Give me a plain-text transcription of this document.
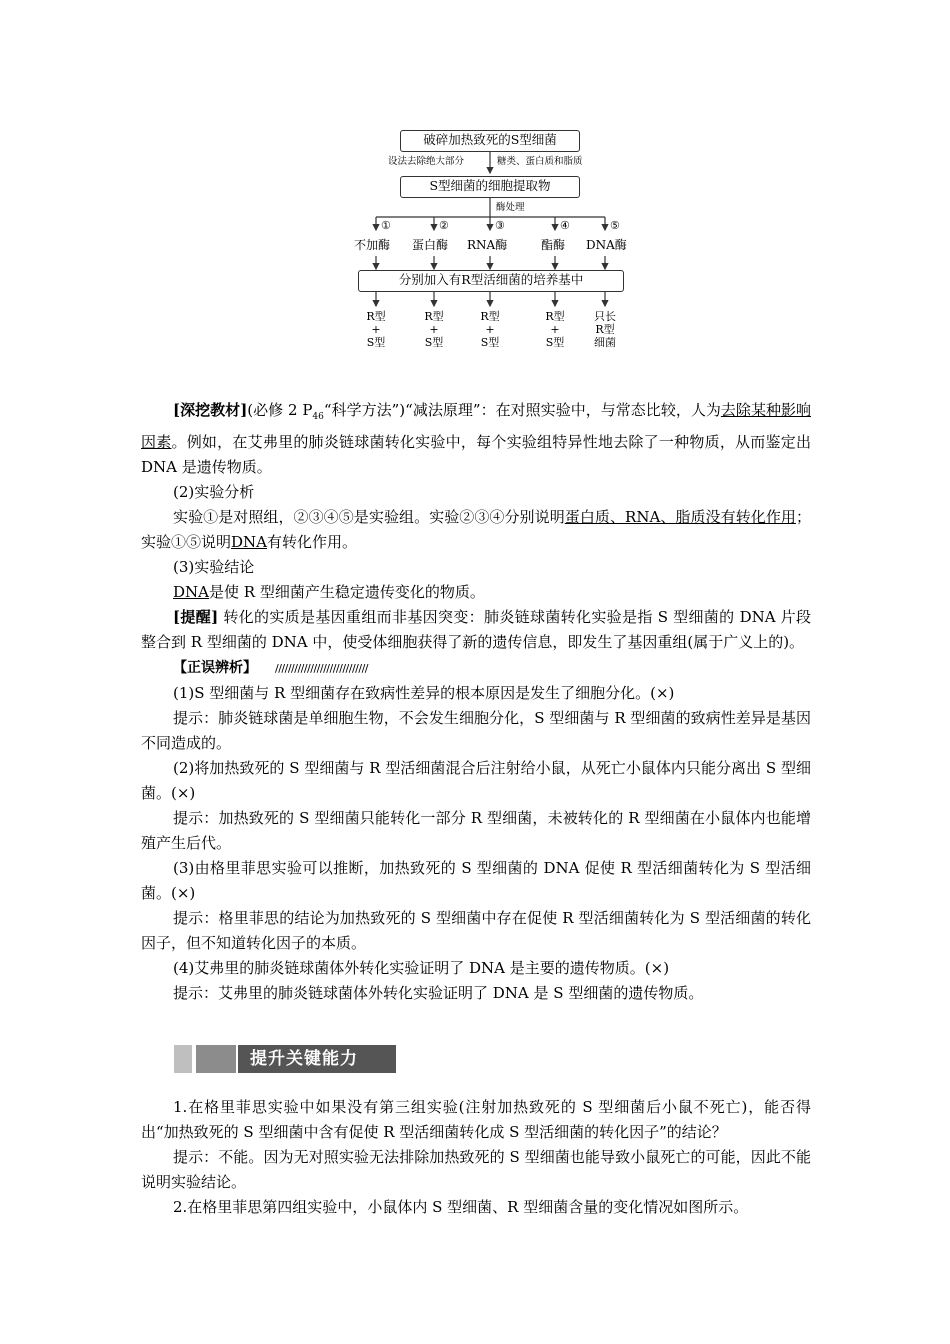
破碎加热致死的S型细菌
设法去除绝大部分	糖类、蛋白质和脂质
S型细菌的细胞提取物
酶处理
①	②	③	④	⑤
不加酶 蛋白酶 RNA酶	酯酶 DNA酶
分别加入有R型活细菌的培养基中
R型
+
S型
R型
+
S型
R型
+
S型
R型
+
S型
只长
R型
细菌

[深挖教材](必修 2 $P_{46}“$科学方法”)“减法原理”：在对照实验中，与常态比较，人为去除某种影响因素。例如，在艾弗里的肺炎链球菌转化实验中，每个实验组特异性地去除了一种物质，从而鉴定出 DNA 是遗传物质。

(2)实验分析

实验①是对照组，②③④⑤是实验组。实验②③④分别说明蛋白质、RNA、脂质没有转化作用；实验①⑤说明DNA有转化作用。

(3)实验结论

DNA是使 R 型细菌产生稳定遗传变化的物质。

[提醒] 转化的实质是基因重组而非基因突变：肺炎链球菌转化实验是指 S 型细菌的 DNA 片段整合到 R 型细菌的 DNA 中，使受体细胞获得了新的遗传信息，即发生了基因重组(属于广义上的)。

【正误辨析】 /////////////////////////////

(1)S 型细菌与 R 型细菌存在致病性差异的根本原因是发生了细胞分化。(×)

提示：肺炎链球菌是单细胞生物，不会发生细胞分化，S 型细菌与 R 型细菌的致病性差异是基因不同造成的。

(2)将加热致死的 S 型细菌与 R 型活细菌混合后注射给小鼠，从死亡小鼠体内只能分离出 S 型细菌。(×)

提示：加热致死的 S 型细菌只能转化一部分 R 型细菌，未被转化的 R 型细菌在小鼠体内也能增殖产生后代。

(3)由格里菲思实验可以推断，加热致死的 S 型细菌的 DNA 促使 R 型活细菌转化为 S 型活细菌。(×)

提示：格里菲思的结论为加热致死的 S 型细菌中存在促使 R 型活细菌转化为 S 型活细菌的转化因子，但不知道转化因子的本质。

(4)艾弗里的肺炎链球菌体外转化实验证明了 DNA 是主要的遗传物质。(×)

提示：艾弗里的肺炎链球菌体外转化实验证明了 DNA 是 S 型细菌的遗传物质。

提升关键能力

1.在格里菲思实验中如果没有第三组实验(注射加热致死的 S 型细菌后小鼠不死亡)，能否得出“加热致死的 S 型细菌中含有促使 R 型活细菌转化成 S 型活细菌的转化因子”的结论？

提示：不能。因为无对照实验无法排除加热致死的 S 型细菌也能导致小鼠死亡的可能，因此不能说明实验结论。

2.在格里菲思第四组实验中，小鼠体内 S 型细菌、R 型细菌含量的变化情况如图所示。
